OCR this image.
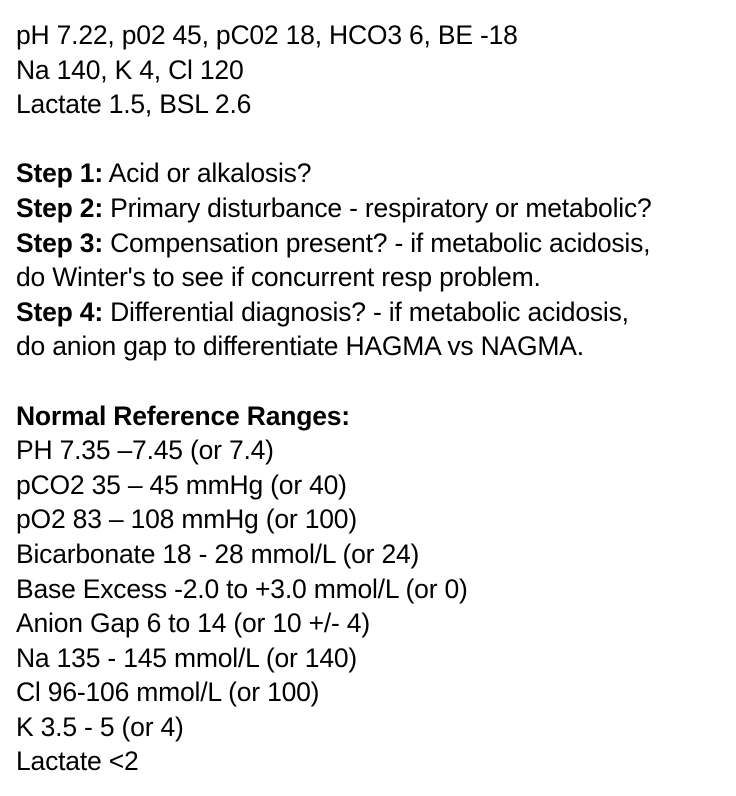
pH 7.22, p02 45, pC02 18, HCO3 6, BE -18
Na 140, K 4, Cl 120
Lactate 1.5, BSL 2.6
Step 1: Acid or alkalosis?
Step 2: Primary disturbance - respiratory or metabolic?
Step 3: Compensation present? - if metabolic acidosis,
do Winter's to see if concurrent resp problem.
Step 4: Differential diagnosis? - if metabolic acidosis,
do anion gap to differentiate HAGMA vs NAGMA.
Normal Reference Ranges:
PH 7.35 –7.45 (or 7.4)
pCO2 35 – 45 mmHg (or 40)
pO2 83 – 108 mmHg (or 100)
Bicarbonate 18 - 28 mmol/L (or 24)
Base Excess -2.0 to +3.0 mmol/L (or 0)
Anion Gap 6 to 14 (or 10 +/- 4)
Na 135 - 145 mmol/L (or 140)
Cl 96-106 mmol/L (or 100)
K 3.5 - 5 (or 4)
Lactate <2
